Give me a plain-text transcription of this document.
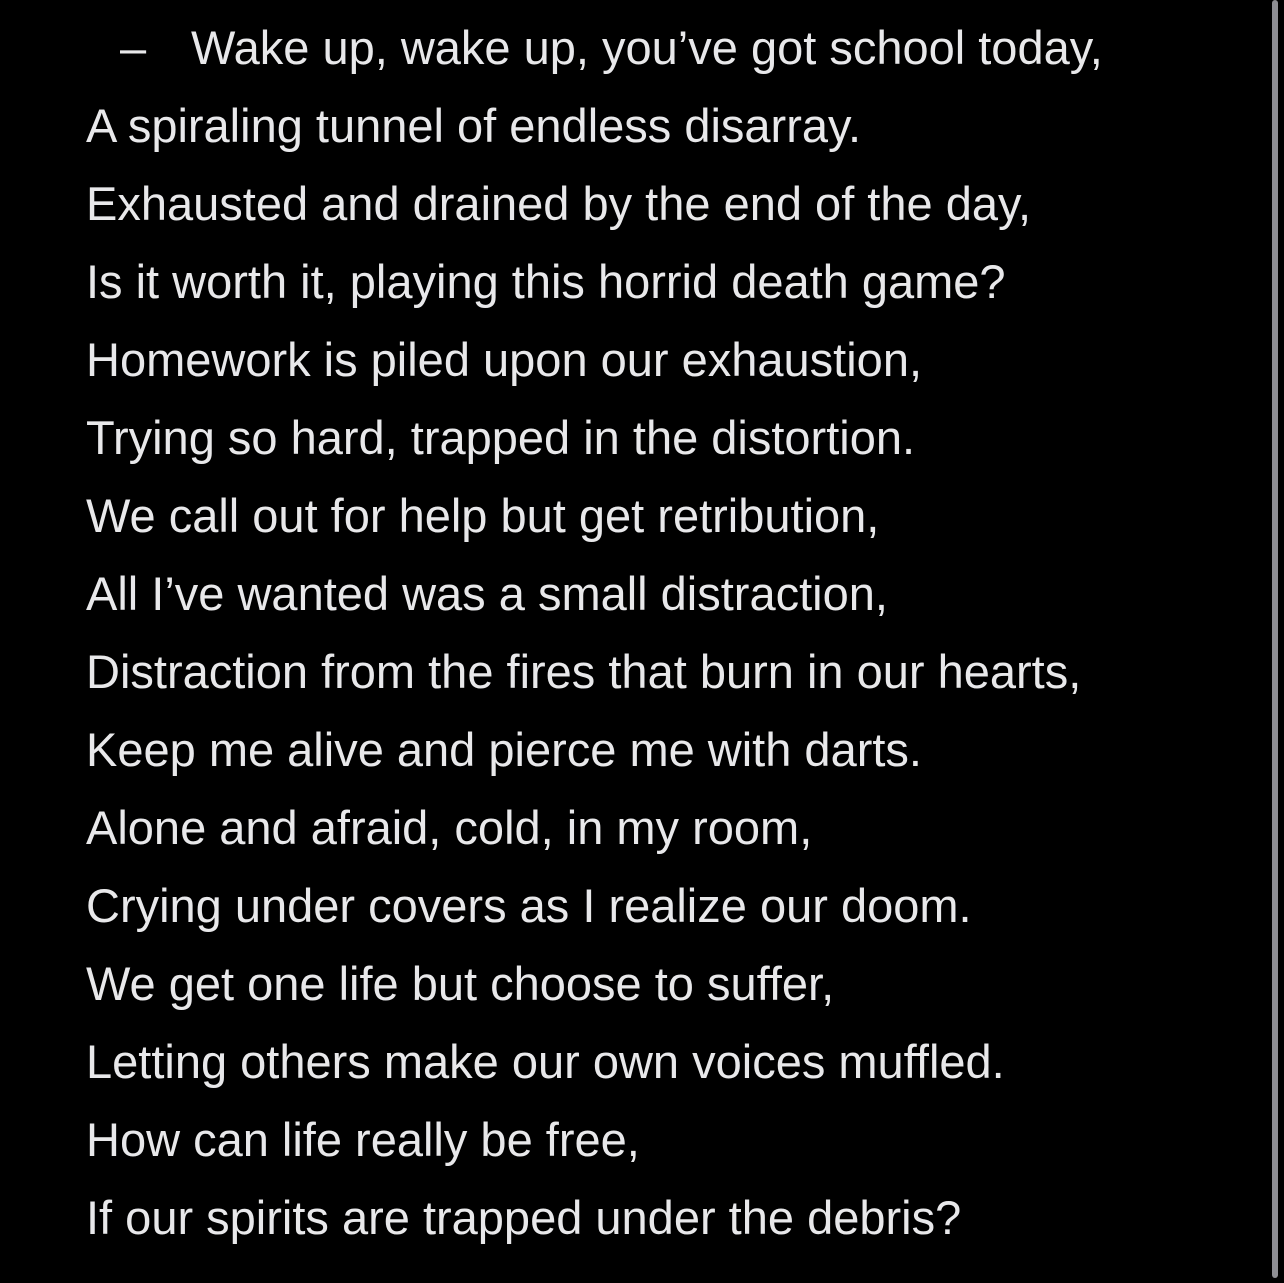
– Wake up, wake up, you’ve got school today,
A spiraling tunnel of endless disarray.
Exhausted and drained by the end of the day,
Is it worth it, playing this horrid death game?
Homework is piled upon our exhaustion,
Trying so hard, trapped in the distortion.
We call out for help but get retribution,
All I’ve wanted was a small distraction,
Distraction from the fires that burn in our hearts,
Keep me alive and pierce me with darts.
Alone and afraid, cold, in my room,
Crying under covers as I realize our doom.
We get one life but choose to suffer,
Letting others make our own voices muffled.
How can life really be free,
If our spirits are trapped under the debris?
